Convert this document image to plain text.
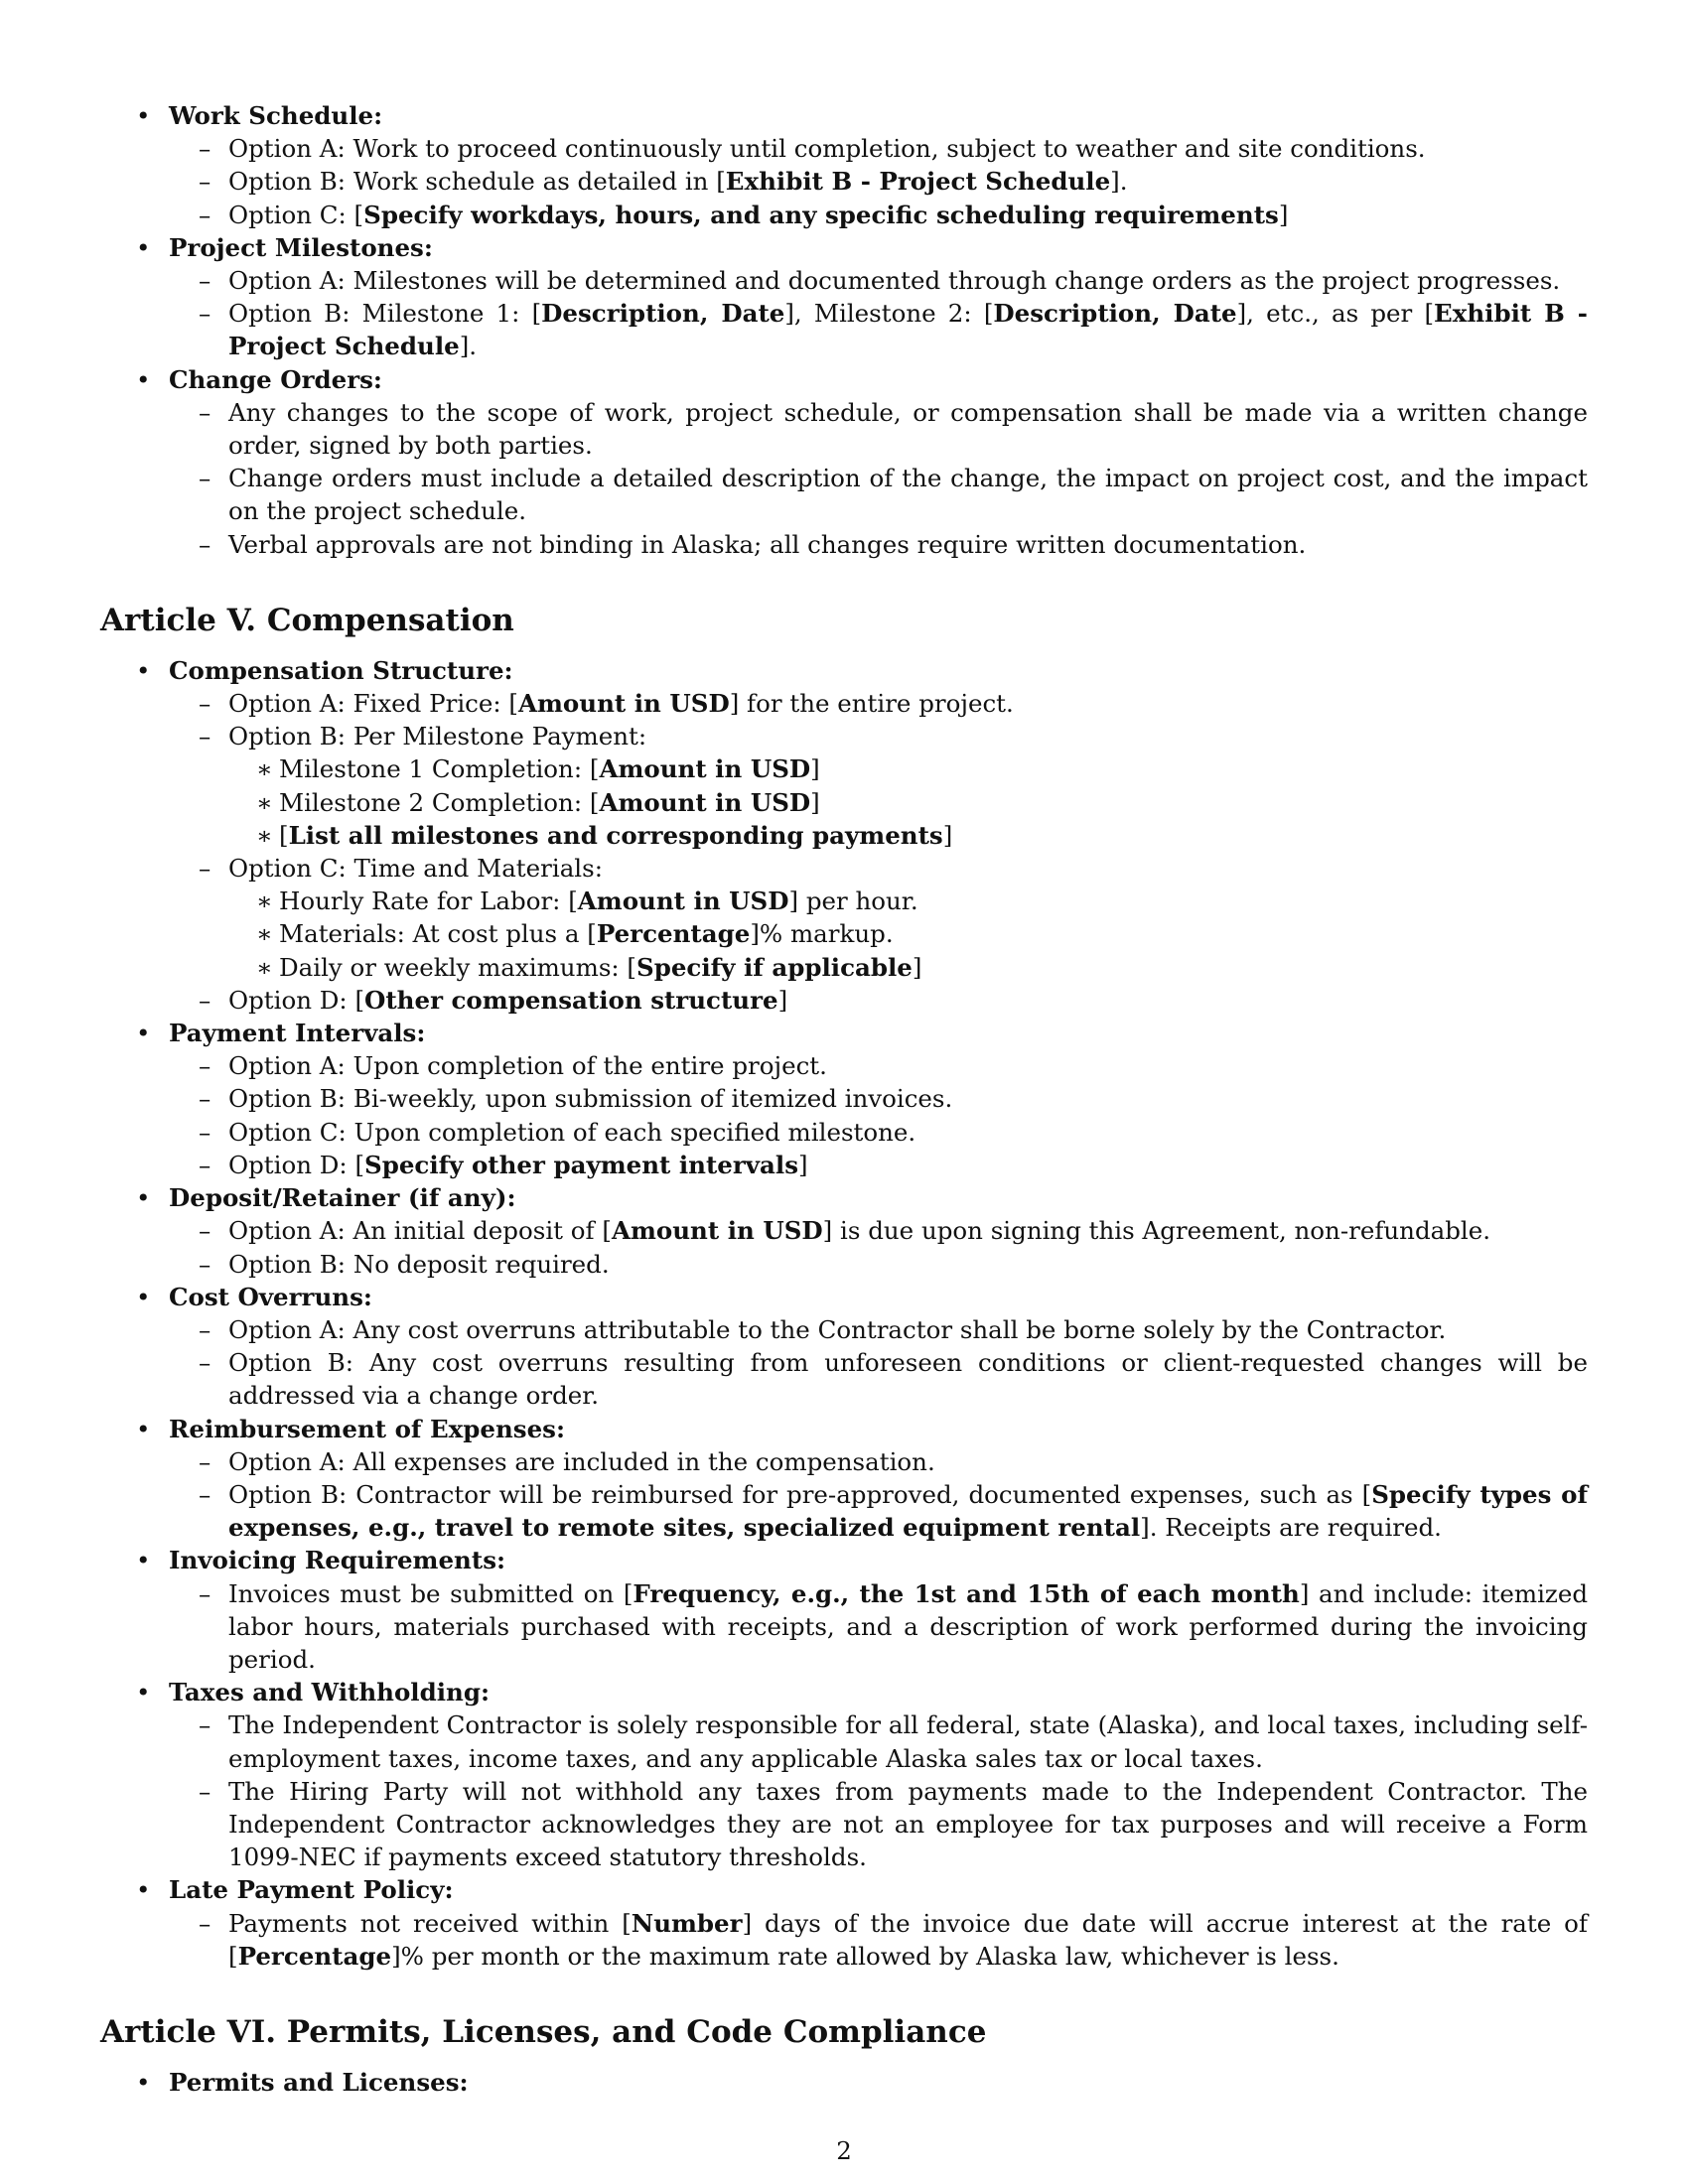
• Work Schedule:
– Option A: Work to proceed continuously until completion, subject to weather and site conditions.
– Option B: Work schedule as detailed in [Exhibit B - Project Schedule].
– Option C: [Specify workdays, hours, and any specific scheduling requirements]
• Project Milestones:
– Option A: Milestones will be determined and documented through change orders as the project progresses.
– Option B: Milestone 1: [Description, Date], Milestone 2: [Description, Date], etc., as per [Exhibit B - Project Schedule].
• Change Orders:
– Any changes to the scope of work, project schedule, or compensation shall be made via a written change order, signed by both parties.
– Change orders must include a detailed description of the change, the impact on project cost, and the impact on the project schedule.
– Verbal approvals are not binding in Alaska; all changes require written documentation.
Article V. Compensation
• Compensation Structure:
– Option A: Fixed Price: [Amount in USD] for the entire project.
– Option B: Per Milestone Payment:
∗ Milestone 1 Completion: [Amount in USD]
∗ Milestone 2 Completion: [Amount in USD]
∗ [List all milestones and corresponding payments]
– Option C: Time and Materials:
∗ Hourly Rate for Labor: [Amount in USD] per hour.
∗ Materials: At cost plus a [Percentage]% markup.
∗ Daily or weekly maximums: [Specify if applicable]
– Option D: [Other compensation structure]
• Payment Intervals:
– Option A: Upon completion of the entire project.
– Option B: Bi-weekly, upon submission of itemized invoices.
– Option C: Upon completion of each specified milestone.
– Option D: [Specify other payment intervals]
• Deposit/Retainer (if any):
– Option A: An initial deposit of [Amount in USD] is due upon signing this Agreement, non-refundable.
– Option B: No deposit required.
• Cost Overruns:
– Option A: Any cost overruns attributable to the Contractor shall be borne solely by the Contractor.
– Option B: Any cost overruns resulting from unforeseen conditions or client-requested changes will be addressed via a change order.
• Reimbursement of Expenses:
– Option A: All expenses are included in the compensation.
– Option B: Contractor will be reimbursed for pre-approved, documented expenses, such as [Specify types of expenses, e.g., travel to remote sites, specialized equipment rental]. Receipts are required.
• Invoicing Requirements:
– Invoices must be submitted on [Frequency, e.g., the 1st and 15th of each month] and include: itemized labor hours, materials purchased with receipts, and a description of work performed during the invoicing period.
• Taxes and Withholding:
– The Independent Contractor is solely responsible for all federal, state (Alaska), and local taxes, including self-employment taxes, income taxes, and any applicable Alaska sales tax or local taxes.
– The Hiring Party will not withhold any taxes from payments made to the Independent Contractor. The Independent Contractor acknowledges they are not an employee for tax purposes and will receive a Form 1099-NEC if payments exceed statutory thresholds.
• Late Payment Policy:
– Payments not received within [Number] days of the invoice due date will accrue interest at the rate of [Percentage]% per month or the maximum rate allowed by Alaska law, whichever is less.
Article VI. Permits, Licenses, and Code Compliance
• Permits and Licenses:
2
